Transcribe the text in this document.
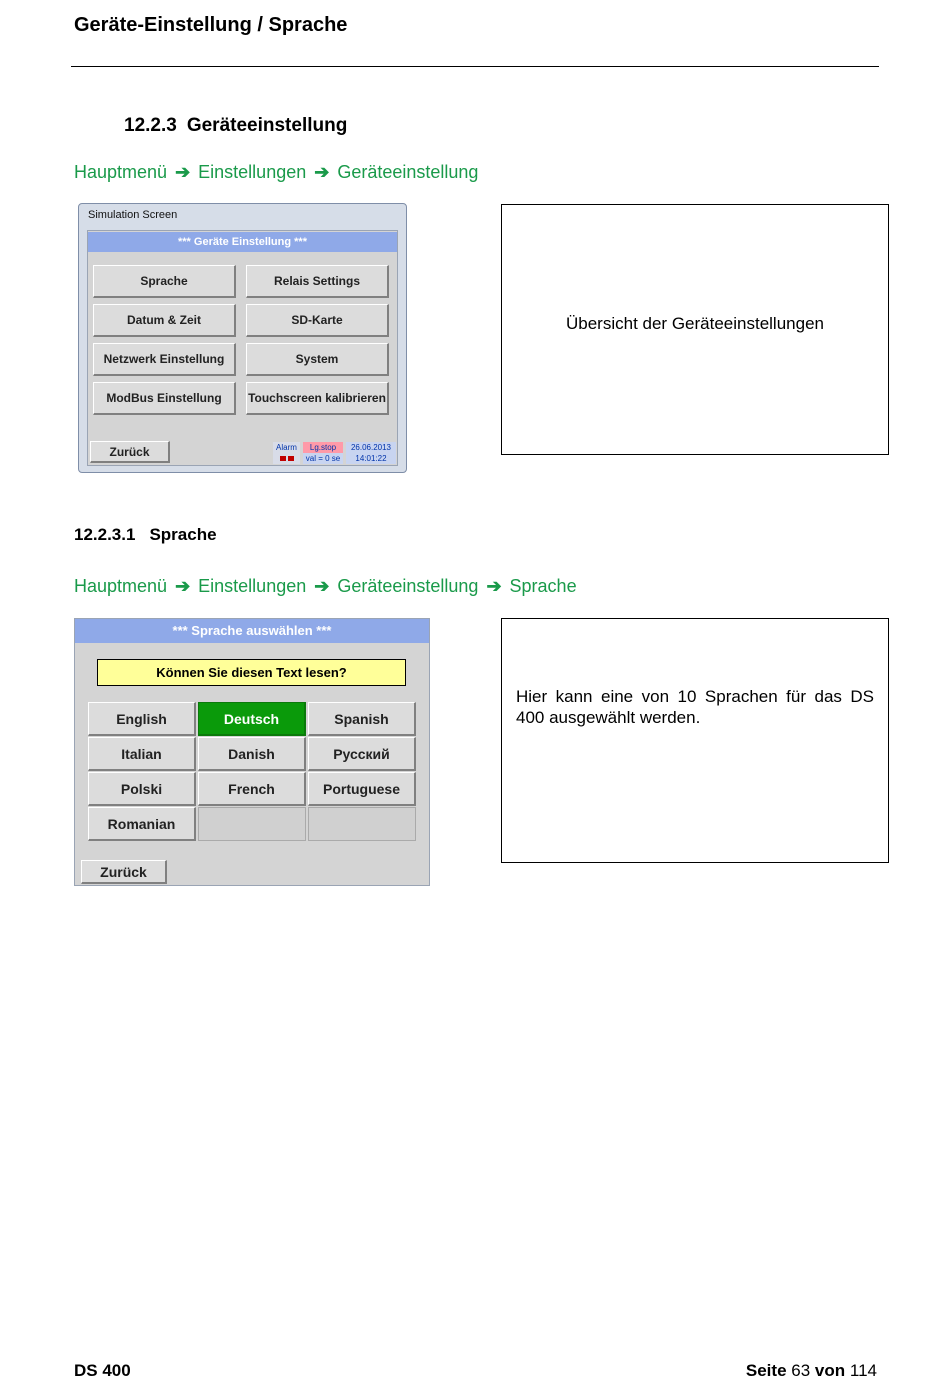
Geräte-Einstellung / Sprache
12.2.3 Geräteeinstellung
Hauptmenü ➔ Einstellungen ➔ Geräteeinstellung
Simulation Screen
*** Geräte Einstellung ***
Sprache	Relais Settings
Datum & Zeit	SD-Karte
Netzwerk Einstellung	System
ModBus Einstellung	Touchscreen kalibrieren
Zurück	Alarm	Lg.stop
val = 0 se
26.06.2013
14:01:22
Übersicht der Geräteeinstellungen
12.2.3.1 Sprache
Hauptmenü ➔ Einstellungen ➔ Geräteeinstellung ➔ Sprache
*** Sprache auswählen ***
Können Sie diesen Text lesen?
English	Deutsch	Spanish
Italian	Danish	Русский
Polski	French	Portuguese
Romanian
Zurück
Hier kann eine von 10 Sprachen für das DS 400 ausgewählt werden.
DS 400	Seite 63 von 114
